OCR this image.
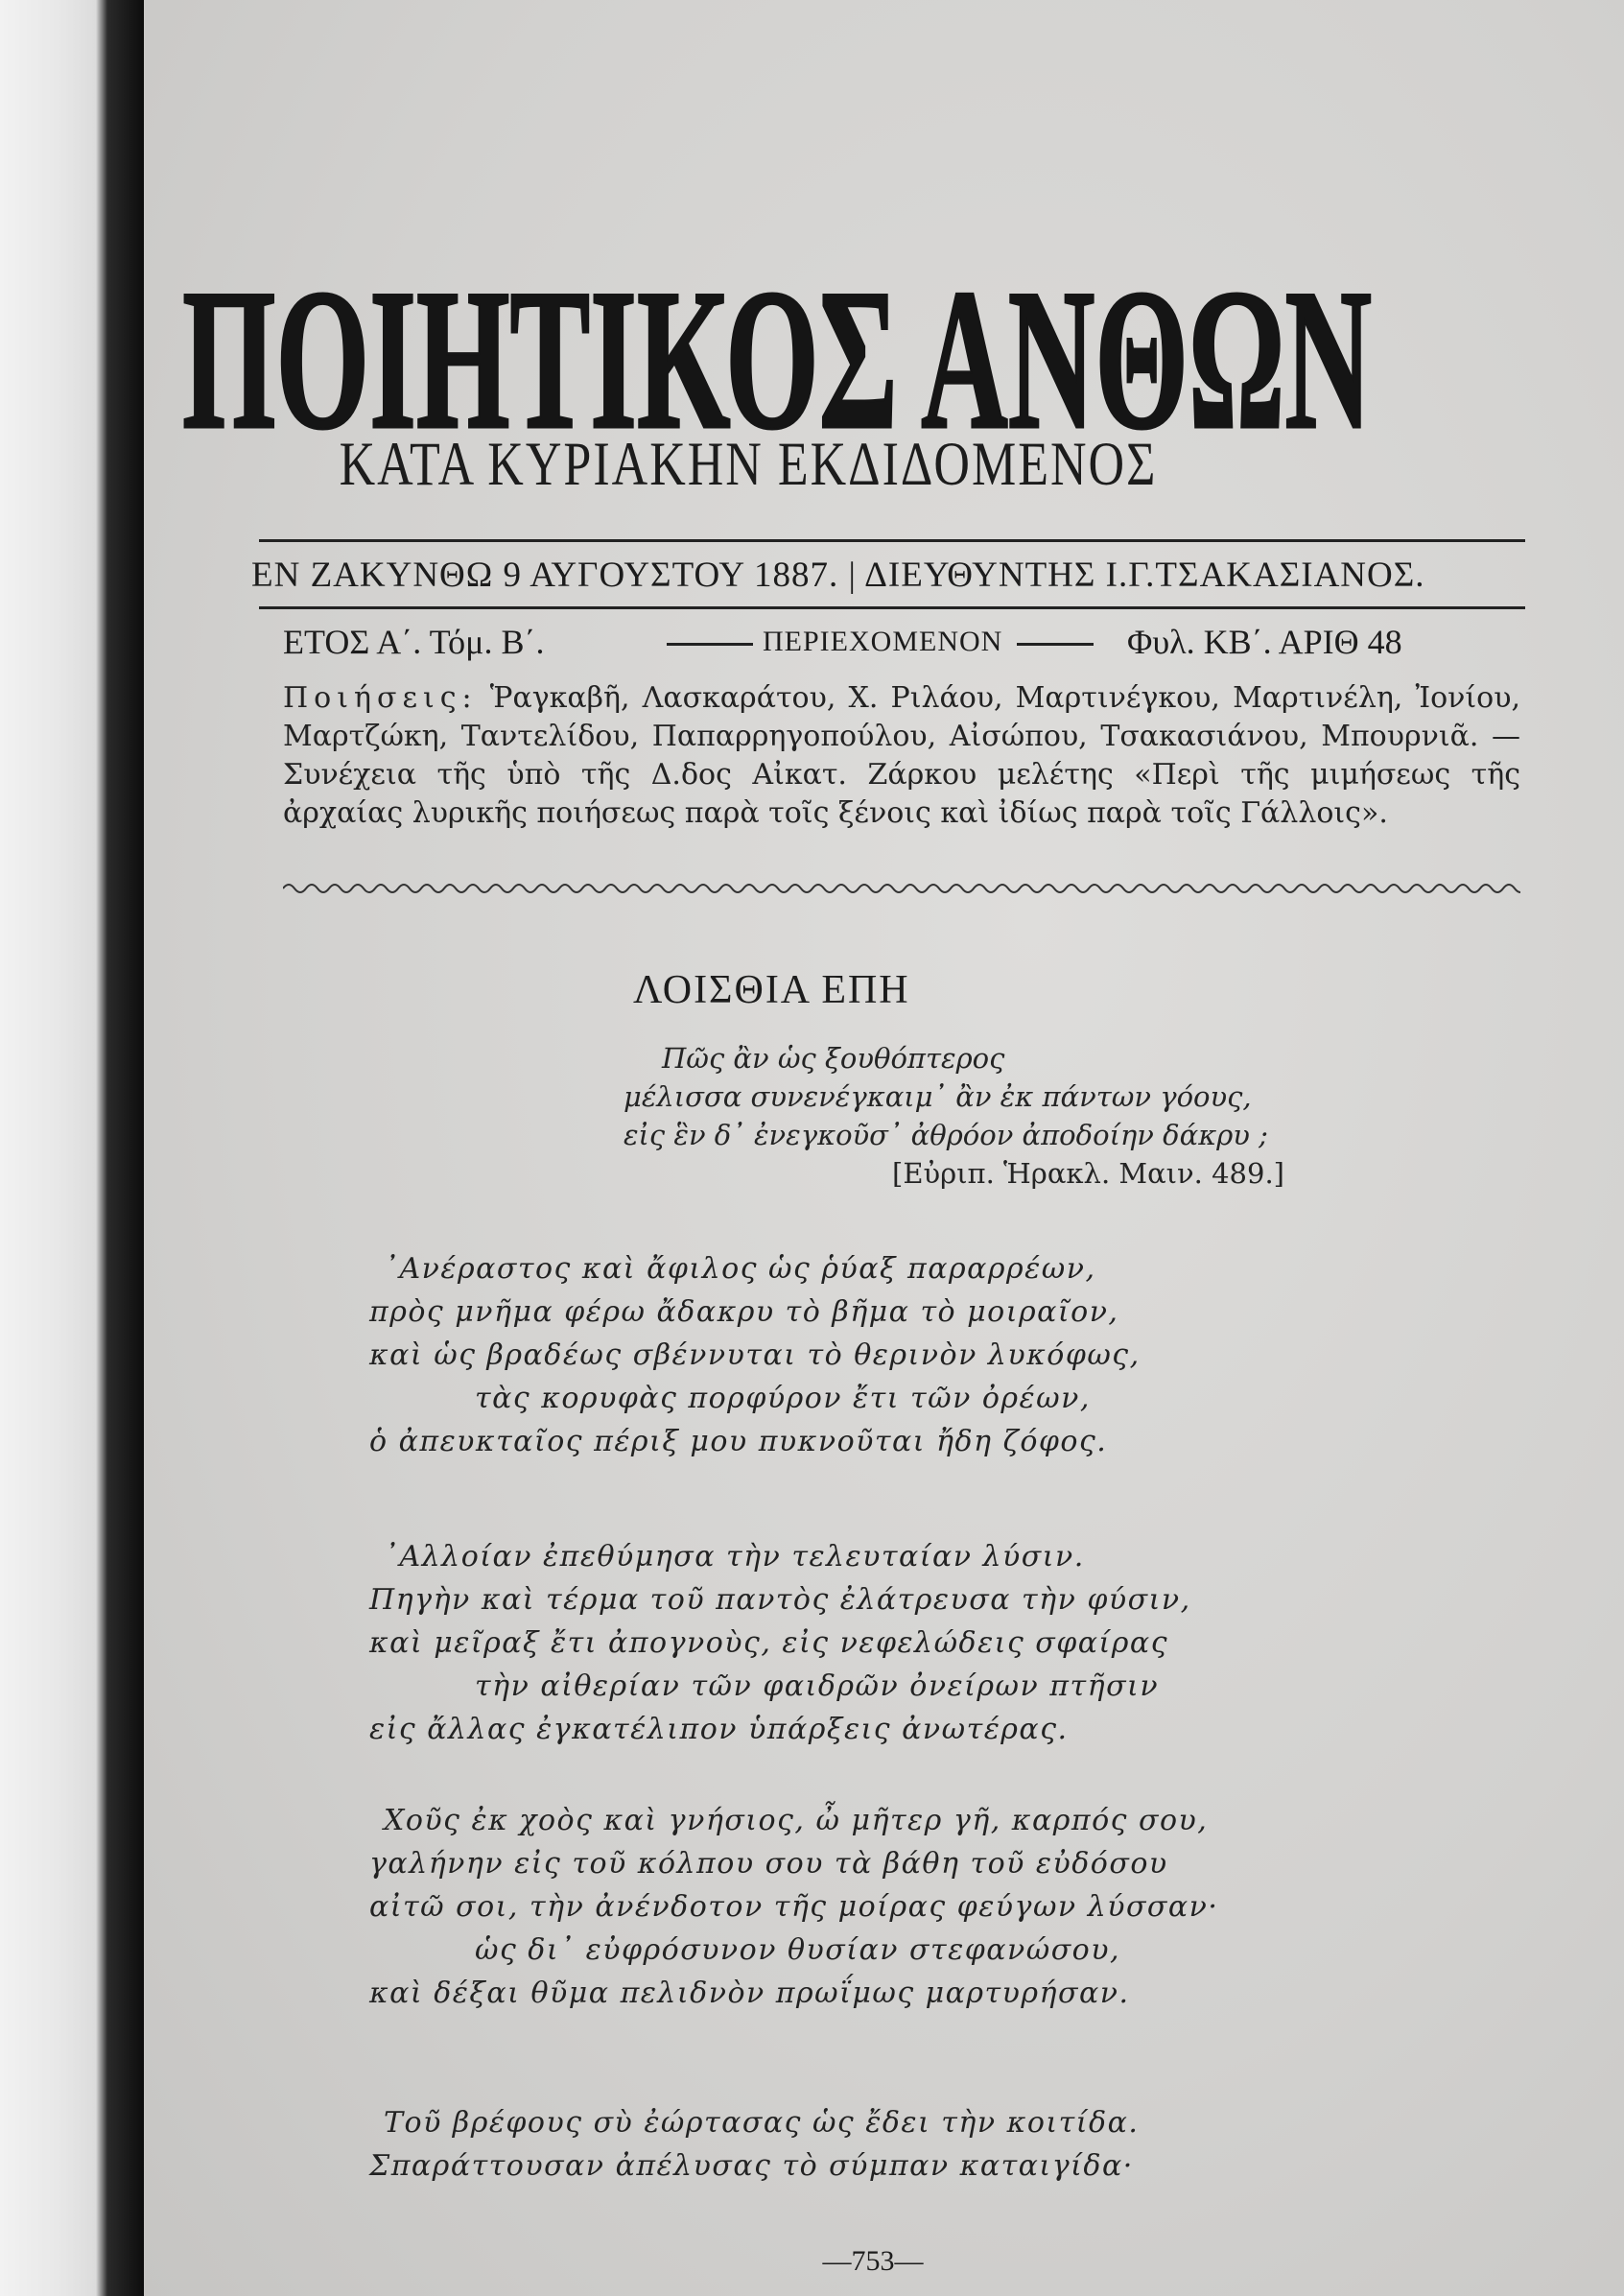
ΠΟΙΗΤΙΚΟΣ ΑΝΘΩΝ
ΚΑΤΑ ΚΥΡΙΑΚΗΝ ΕΚΔΙΔΟΜΕΝΟΣ
ΕΝ ΖΑΚΥΝΘΩ 9 ΑΥΓΟΥΣΤΟΥ 1887. | ΔΙΕΥΘΥΝΤΗΣ Ι.Γ.ΤΣΑΚΑΣΙΑΝΟΣ.
ΕΤΟΣ Α΄. Τόμ. Β΄.	ΠΕΡΙΕΧΟΜΕΝΟΝ	Φυλ. ΚΒ΄. ΑΡΙΘ 48
Ποιήσεις: Ῥαγκαβῆ, Λασκαράτου, Χ. Ριλάου, Μαρτινέγκου, Μαρτινέλη, Ἰονίου, Μαρτζώκη, Ταντελίδου, Παπαρρηγοπούλου, Αἰσώπου, Τσακασιάνου, Μπουρνιᾶ. —Συνέχεια τῆς ὑπὸ τῆς Δ.δος Αἰκατ. Ζάρκου μελέτης «Περὶ τῆς μιμήσεως τῆς ἀρχαίας λυρικῆς ποιήσεως παρὰ τοῖς ξένοις καὶ ἰδίως παρὰ τοῖς Γάλλοις».
ΛΟΙΣΘΙΑ ΕΠΗ
Πῶς ἂν ὡς ξουθόπτερος
μέλισσα συνενέγκαιμ᾽ ἂν ἐκ πάντων γόους,
εἰς ἓν δ᾽ ἐνεγκοῦσ᾽ ἀθρόον ἀποδοίην δάκρυ ;
[Εὐριπ. Ἡρακλ. Μαιν. 489.]
᾽Ανέραστος καὶ ἄφιλος ὡς ῥύαξ παραρρέων,
πρὸς μνῆμα φέρω ἄδακρυ τὸ βῆμα τὸ μοιραῖον,
καὶ ὡς βραδέως σβέννυται τὸ θερινὸν λυκόφως,
τὰς κορυφὰς πορφύρον ἔτι τῶν ὀρέων,
ὁ ἀπευκταῖος πέριξ μου πυκνοῦται ἤδη ζόφος.
᾽Αλλοίαν ἐπεθύμησα τὴν τελευταίαν λύσιν.
Πηγὴν καὶ τέρμα τοῦ παντὸς ἐλάτρευσα τὴν φύσιν,
καὶ μεῖραξ ἔτι ἀπογνοὺς, εἰς νεφελώδεις σφαίρας
τὴν αἰθερίαν τῶν φαιδρῶν ὀνείρων πτῆσιν
εἰς ἄλλας ἐγκατέλιπον ὑπάρξεις ἀνωτέρας.
Χοῦς ἐκ χοὸς καὶ γνήσιος, ὦ μῆτερ γῆ, καρπός σου,
γαλήνην εἰς τοῦ κόλπου σου τὰ βάθη τοῦ εὐδόσου
αἰτῶ σοι, τὴν ἀνένδοτον τῆς μοίρας φεύγων λύσσαν·
ὡς δι᾽ εὐφρόσυνον θυσίαν στεφανώσου,
καὶ δέξαι θῦμα πελιδνὸν πρωΐμως μαρτυρήσαν.
Τοῦ βρέφους σὺ ἐώρτασας ὡς ἔδει τὴν κοιτίδα.
Σπαράττουσαν ἀπέλυσας τὸ σύμπαν καταιγίδα·
—753—
